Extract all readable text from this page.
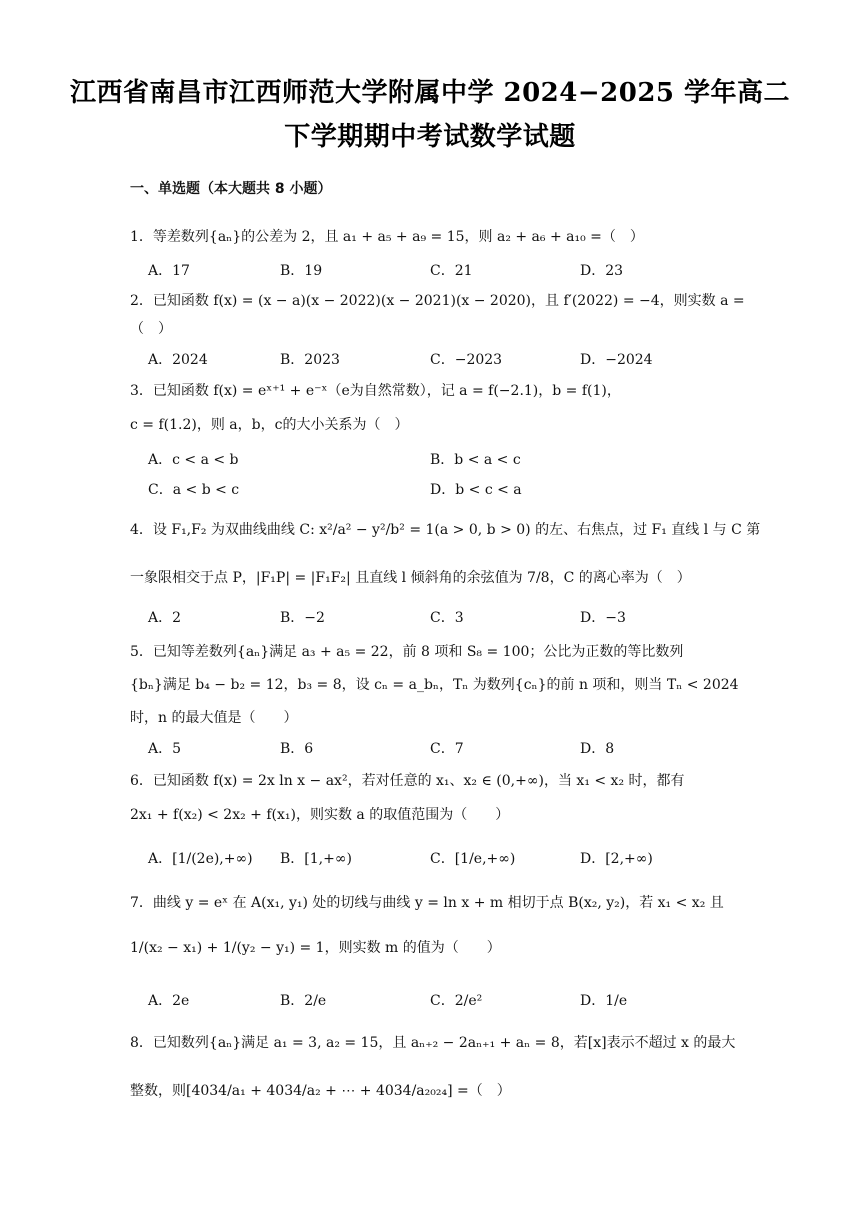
江西省南昌市江西师范大学附属中学 2024−2025 学年高二
下学期期中考试数学试题
一、单选题（本大题共 8 小题）
1．等差数列{aₙ}的公差为 2，且 a₁ + a₅ + a₉ = 15，则 a₂ + a₆ + a₁₀ =（　）
A．17	B．19	C．21	D．23
2．已知函数 f(x) = (x − a)(x − 2022)(x − 2021)(x − 2020)，且 f′(2022) = −4，则实数 a =
（　）
A．2024	B．2023	C．−2023	D．−2024
3．已知函数 f(x) = eˣ⁺¹ + e⁻ˣ（e为自然常数），记 a = f(−2.1)，b = f(1)，
c = f(1.2)，则 a，b，c的大小关系为（　）
A．c < a < b	B．b < a < c
C．a < b < c	D．b < c < a
4．设 F₁,F₂ 为双曲线曲线 C: x²/a² − y²/b² = 1(a > 0, b > 0) 的左、右焦点，过 F₁ 直线 l 与 C 第
一象限相交于点 P，|F₁P| = |F₁F₂| 且直线 l 倾斜角的余弦值为 7/8，C 的离心率为（　）
A．2	B．−2	C．3	D．−3
5．已知等差数列{aₙ}满足 a₃ + a₅ = 22，前 8 项和 S₈ = 100；公比为正数的等比数列
{bₙ}满足 b₄ − b₂ = 12，b₃ = 8，设 cₙ = a_bₙ，Tₙ 为数列{cₙ}的前 n 项和，则当 Tₙ < 2024
时，n 的最大值是（　　）
A．5	B．6	C．7	D．8
6．已知函数 f(x) = 2x ln x − ax²，若对任意的 x₁、x₂ ∈ (0,+∞)，当 x₁ < x₂ 时，都有
2x₁ + f(x₂) < 2x₂ + f(x₁)，则实数 a 的取值范围为（　　）
A．[1/(2e),+∞) B．[1,+∞)	C．[1/e,+∞)	D．[2,+∞)
7．曲线 y = eˣ 在 A(x₁, y₁) 处的切线与曲线 y = ln x + m 相切于点 B(x₂, y₂)，若 x₁ < x₂ 且
1/(x₂ − x₁) + 1/(y₂ − y₁) = 1，则实数 m 的值为（　　）
A．2e	B．2/e	C．2/e²	D．1/e
8．已知数列{aₙ}满足 a₁ = 3, a₂ = 15，且 aₙ₊₂ − 2aₙ₊₁ + aₙ = 8，若[x]表示不超过 x 的最大
整数，则[4034/a₁ + 4034/a₂ + ⋯ + 4034/a₂₀₂₄] =（　）
